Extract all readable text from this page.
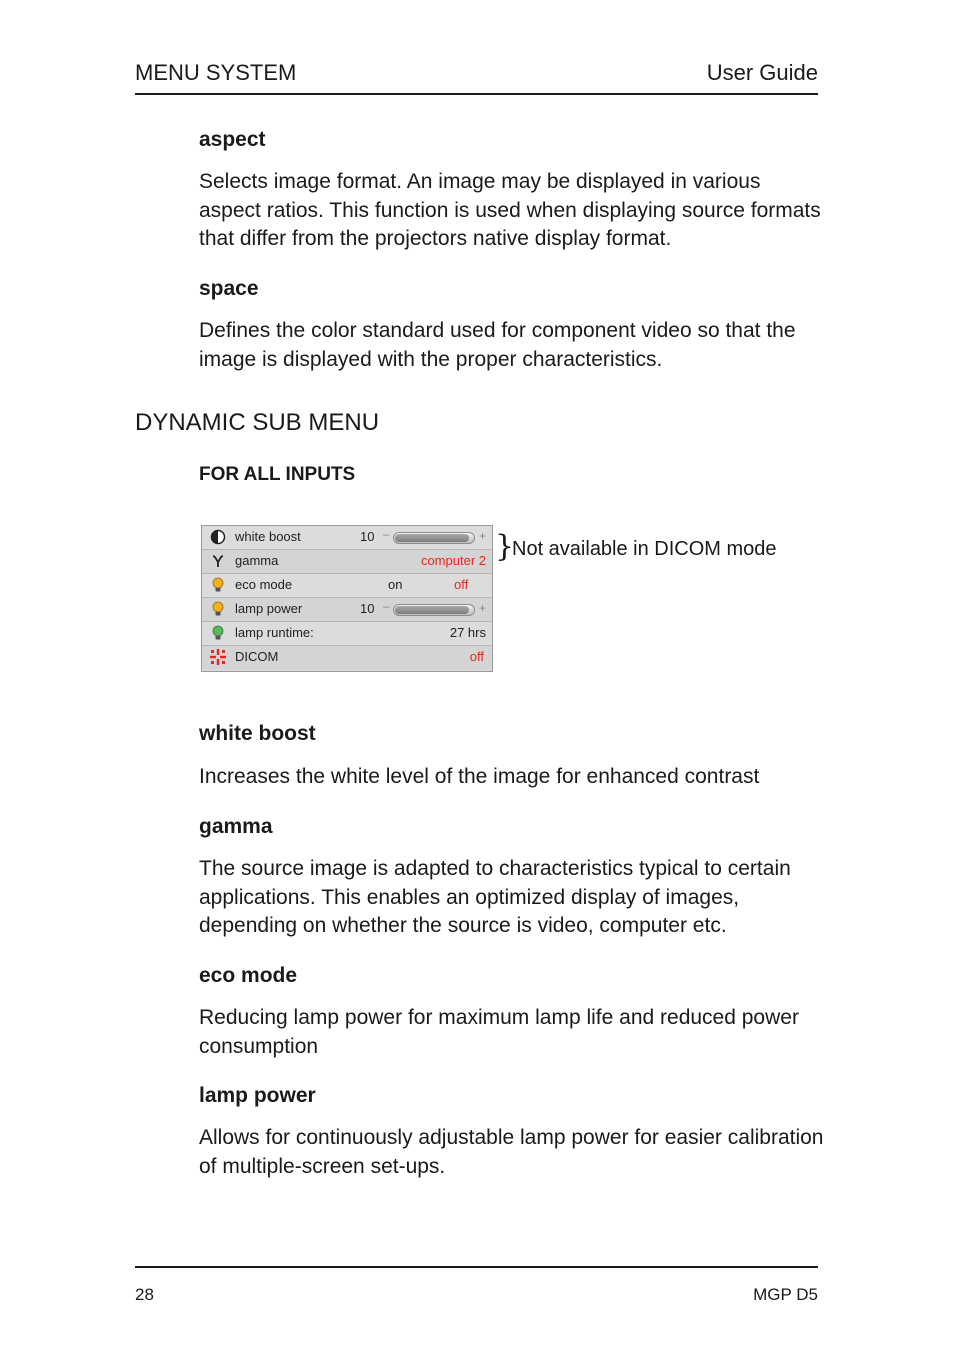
MENU SYSTEM	User Guide
aspect
Selects image format. An image may be displayed in various aspect ratios. This function is used when displaying source formats that differ from the projectors native display format.
space
Defines the color standard used for component video so that the image is displayed with the proper characteristics.
DYNAMIC SUB MENU
FOR ALL INPUTS
white boost	10 –	+
gamma	computer 2
eco mode	on	off
lamp power	10 –	+
lamp runtime:	27 hrs
DICOM	off
}
Not available in DICOM mode
white boost
Increases the white level of the image for enhanced contrast
gamma
The source image is adapted to characteristics typical to certain applications. This enables an optimized display of images, depending on whether the source is video, computer etc.
eco mode
Reducing lamp power for maximum lamp life and reduced power consumption
lamp power
Allows for continuously adjustable lamp power for easier calibration of multiple-screen set-ups.
28	MGP D5
